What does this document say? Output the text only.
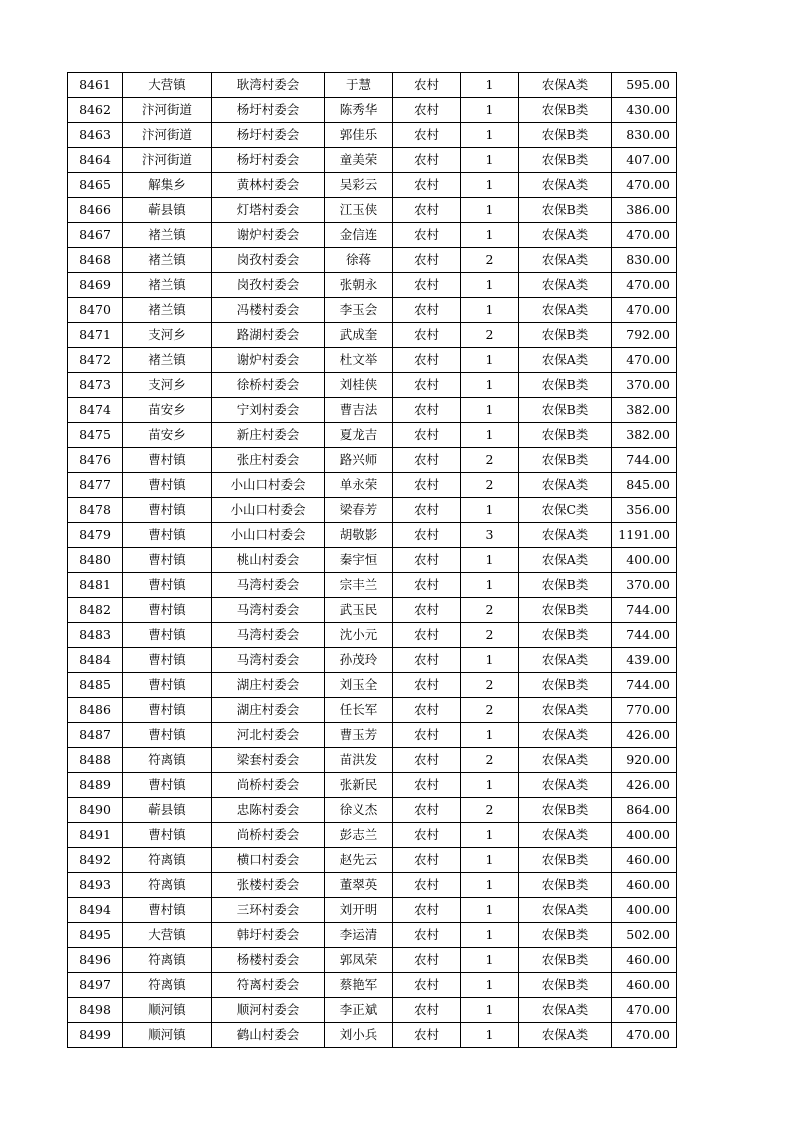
8461	大营镇	耿湾村委会	于慧	农村	1	农保A类	595.00
8462	汴河街道	杨圩村委会	陈秀华	农村	1	农保B类	430.00
8463	汴河街道	杨圩村委会	郭佳乐	农村	1	农保B类	830.00
8464	汴河街道	杨圩村委会	童美荣	农村	1	农保B类	407.00
8465	解集乡	黄林村委会	吴彩云	农村	1	农保A类	470.00
8466	蕲县镇	灯塔村委会	江玉侠	农村	1	农保B类	386.00
8467	褚兰镇	谢炉村委会	金信连	农村	1	农保A类	470.00
8468	褚兰镇	岗孜村委会	徐蒋	农村	2	农保A类	830.00
8469	褚兰镇	岗孜村委会	张朝永	农村	1	农保A类	470.00
8470	褚兰镇	冯楼村委会	李玉会	农村	1	农保A类	470.00
8471	支河乡	路湖村委会	武成奎	农村	2	农保B类	792.00
8472	褚兰镇	谢炉村委会	杜文举	农村	1	农保A类	470.00
8473	支河乡	徐桥村委会	刘桂侠	农村	1	农保B类	370.00
8474	苗安乡	宁刘村委会	曹吉法	农村	1	农保B类	382.00
8475	苗安乡	新庄村委会	夏龙吉	农村	1	农保B类	382.00
8476	曹村镇	张庄村委会	路兴师	农村	2	农保B类	744.00
8477	曹村镇	小山口村委会	单永荣	农村	2	农保A类	845.00
8478	曹村镇	小山口村委会	梁春芳	农村	1	农保C类	356.00
8479	曹村镇	小山口村委会	胡敬影	农村	3	农保A类	1191.00
8480	曹村镇	桃山村委会	秦宇恒	农村	1	农保A类	400.00
8481	曹村镇	马湾村委会	宗丰兰	农村	1	农保B类	370.00
8482	曹村镇	马湾村委会	武玉民	农村	2	农保B类	744.00
8483	曹村镇	马湾村委会	沈小元	农村	2	农保B类	744.00
8484	曹村镇	马湾村委会	孙茂玲	农村	1	农保A类	439.00
8485	曹村镇	湖庄村委会	刘玉全	农村	2	农保B类	744.00
8486	曹村镇	湖庄村委会	任长军	农村	2	农保A类	770.00
8487	曹村镇	河北村委会	曹玉芳	农村	1	农保A类	426.00
8488	符离镇	梁套村委会	苗洪发	农村	2	农保A类	920.00
8489	曹村镇	尚桥村委会	张新民	农村	1	农保A类	426.00
8490	蕲县镇	忠陈村委会	徐义杰	农村	2	农保B类	864.00
8491	曹村镇	尚桥村委会	彭志兰	农村	1	农保A类	400.00
8492	符离镇	横口村委会	赵先云	农村	1	农保B类	460.00
8493	符离镇	张楼村委会	董翠英	农村	1	农保B类	460.00
8494	曹村镇	三环村委会	刘开明	农村	1	农保A类	400.00
8495	大营镇	韩圩村委会	李运清	农村	1	农保B类	502.00
8496	符离镇	杨楼村委会	郭凤荣	农村	1	农保B类	460.00
8497	符离镇	符离村委会	蔡艳军	农村	1	农保B类	460.00
8498	顺河镇	顺河村委会	李正斌	农村	1	农保A类	470.00
8499	顺河镇	鹤山村委会	刘小兵	农村	1	农保A类	470.00
